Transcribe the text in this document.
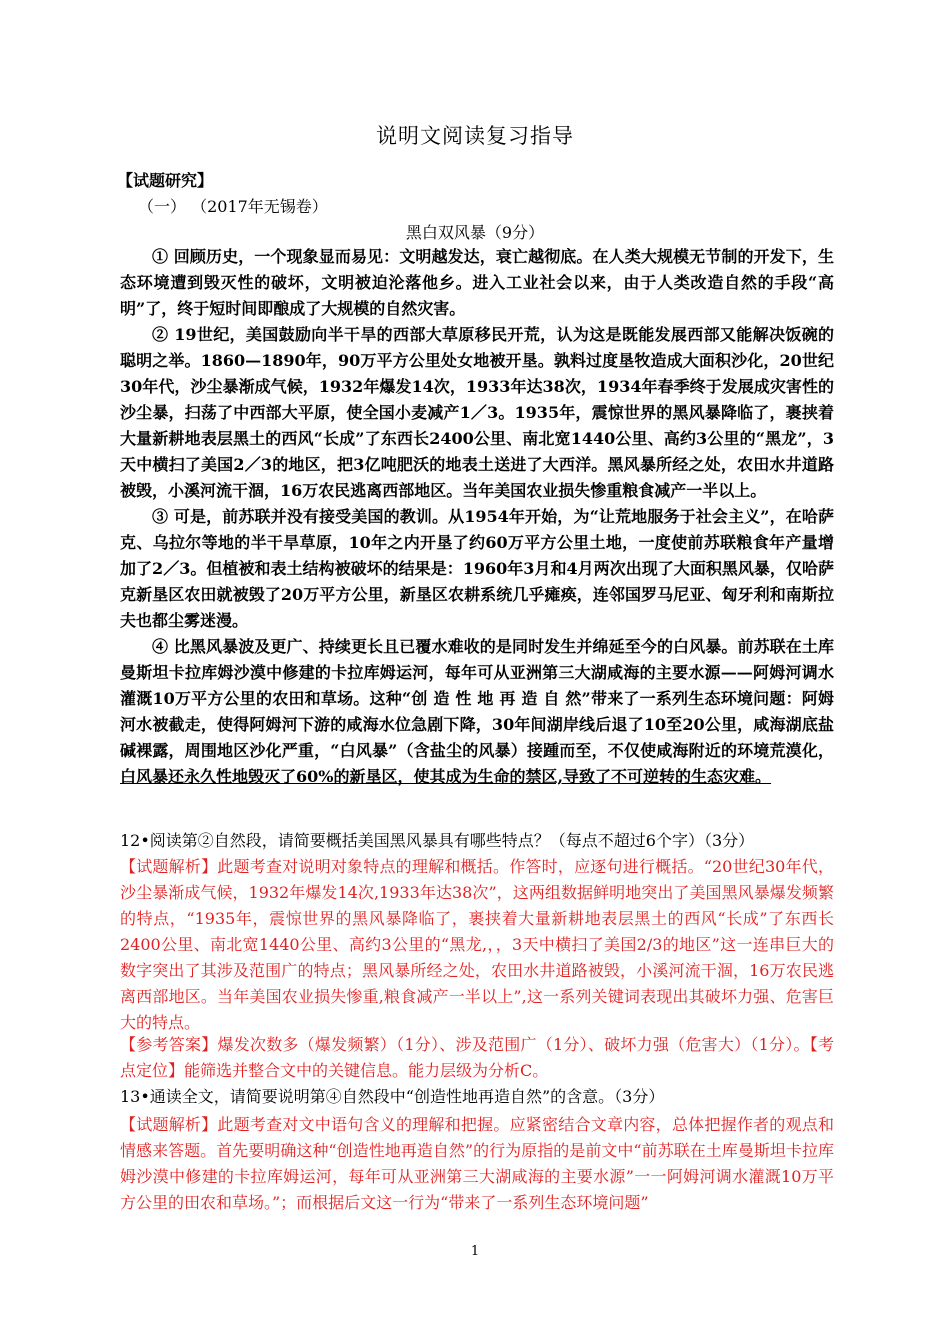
说明文阅读复习指导
【试题研究】
（一） （2017年无锡卷）
黑白双风暴（9分）

① 回顾历史，一个现象显而易见：文明越发达，衰亡越彻底。在人类大规模无节制的开发下，生态环境遭到毁灭性的破坏，文明被迫沦落他乡。进入工业社会以来，由于人类改造自然的手段“高明”了，终于短时间即酿成了大规模的自然灾害。

② 19世纪，美国鼓励向半干旱的西部大草原移民开荒，认为这是既能发展西部又能解决饭碗的聪明之举。1860—1890年，90万平方公里处女地被开垦。孰料过度垦牧造成大面积沙化，20世纪30年代，沙尘暴渐成气候，1932年爆发14次，1933年达38次，1934年春季终于发展成灾害性的沙尘暴，扫荡了中西部大平原，使全国小麦减产1／3。1935年，震惊世界的黑风暴降临了，裹挟着大量新耕地表层黑土的西风“长成”了东西长2400公里、南北宽1440公里、高约3公里的“黑龙”，3天中横扫了美国2／3的地区，把3亿吨肥沃的地表土送进了大西洋。黑风暴所经之处，农田水井道路被毁，小溪河流干涸，16万农民逃离西部地区。当年美国农业损失惨重粮食减产一半以上。

③ 可是，前苏联并没有接受美国的教训。从1954年开始，为“让荒地服务于社会主义”，在哈萨克、乌拉尔等地的半干旱草原，10年之内开垦了约60万平方公里土地，一度使前苏联粮食年产量增加了2／3。但植被和表土结构被破坏的结果是：1960年3月和4月两次出现了大面积黑风暴，仅哈萨克新垦区农田就被毁了20万平方公里，新垦区农耕系统几乎瘫痪，连邻国罗马尼亚、匈牙利和南斯拉夫也都尘雾迷漫。

④ 比黑风暴波及更广、持续更长且已覆水难收的是同时发生并绵延至今的白风暴。前苏联在土库曼斯坦卡拉库姆沙漠中修建的卡拉库姆运河，每年可从亚洲第三大湖咸海的主要水源——阿姆河调水灌溉10万平方公里的农田和草场。这种“创 造 性 地 再 造 自 然”带来了一系列生态环境问题：阿姆河水被截走，使得阿姆河下游的咸海水位急剧下降，30年间湖岸线后退了10至20公里，咸海湖底盐碱裸露，周围地区沙化严重，“白风暴”（含盐尘的风暴）接踵而至，不仅使咸海附近的环境荒漠化，白风暴还永久性地毁灭了60%的新垦区，使其成为生命的禁区,导致了不可逆转的生态灾难。

12•阅读第②自然段，请简要概括美国黑风暴具有哪些特点？（每点不超过6个字）（3分）

【试题解析】此题考查对说明对象特点的理解和概括。作答时，应逐句进行概括。“20世纪30年代，沙尘暴渐成气候，1932年爆发14次,1933年达38次”，这两组数据鲜明地突出了美国黑风暴爆发频繁的特点，“1935年，震惊世界的黑风暴降临了，裹挟着大量新耕地表层黑土的西风“长成”了东西长2400公里、南北宽1440公里、高约3公里的“黑龙,，，3天中横扫了美国2/3的地区”这一连串巨大的数字突出了其涉及范围广的特点；黑风暴所经之处，农田水井道路被毁，小溪河流干涸，16万农民逃离西部地区。当年美国农业损失惨重,粮食减产一半以上”,这一系列关键词表现出其破坏力强、危害巨大的特点。

【参考答案】爆发次数多（爆发频繁）（1分）、涉及范围广（1分）、破坏力强（危害大）（1分）。【考点定位】能筛选并整合文中的关键信息。能力层级为分析C。

13•通读全文，请简要说明第④自然段中“创造性地再造自然”的含意。（3分）

【试题解析】此题考查对文中语句含义的理解和把握。应紧密结合文章内容，总体把握作者的观点和情感来答题。首先要明确这种“创造性地再造自然”的行为原指的是前文中“前苏联在土库曼斯坦卡拉库姆沙漠中修建的卡拉库姆运河，每年可从亚洲第三大湖咸海的主要水源”一一阿姆河调水灌溉10万平方公里的田农和草场。”；而根据后文这一行为“带来了一系列生态环境问题”

1
